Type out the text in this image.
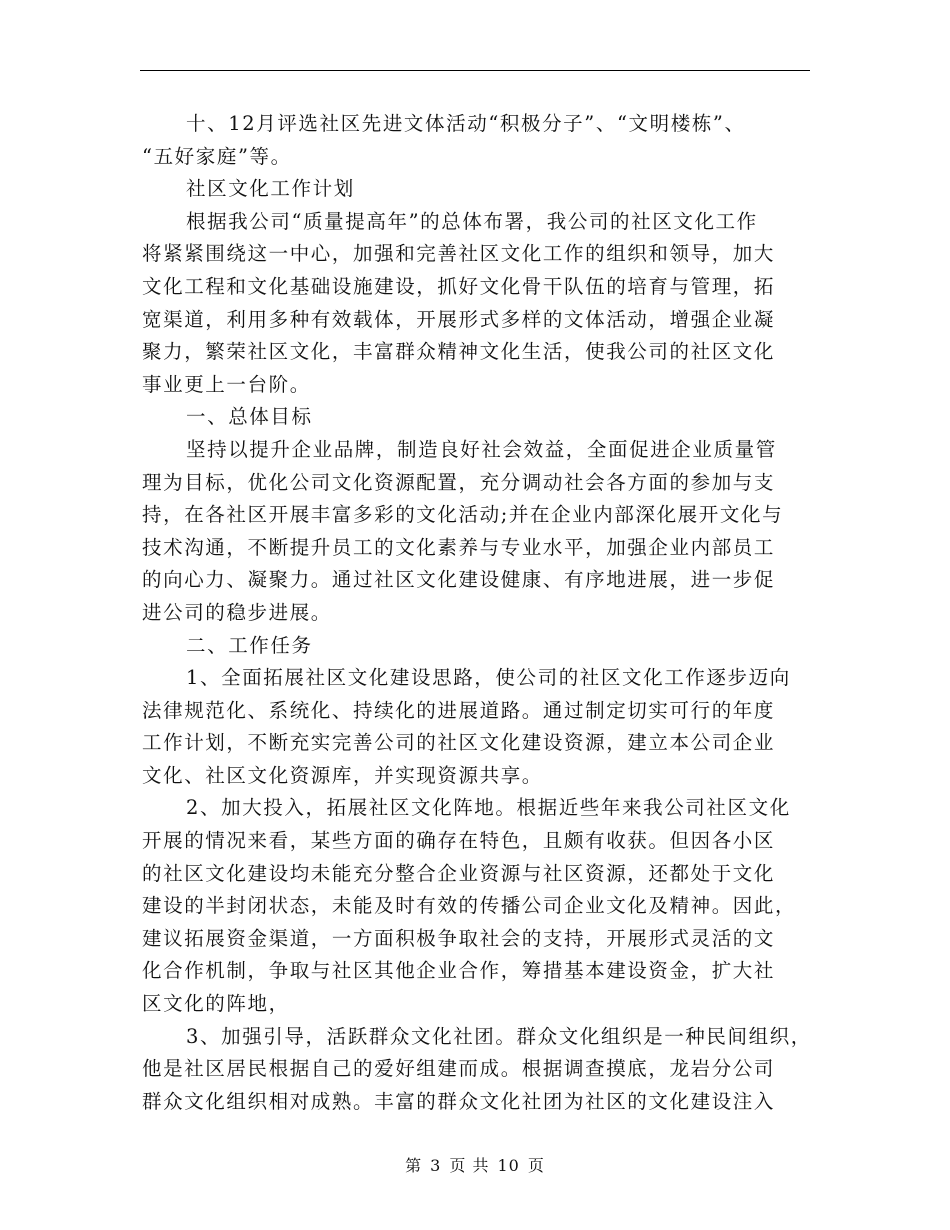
十、12月评选社区先进文体活动“积极分子”、“文明楼栋”、
“五好家庭”等。
社区文化工作计划
根据我公司“质量提高年”的总体布署，我公司的社区文化工作
将紧紧围绕这一中心，加强和完善社区文化工作的组织和领导，加大
文化工程和文化基础设施建设，抓好文化骨干队伍的培育与管理，拓
宽渠道，利用多种有效载体，开展形式多样的文体活动，增强企业凝
聚力，繁荣社区文化，丰富群众精神文化生活，使我公司的社区文化
事业更上一台阶。
一、总体目标
坚持以提升企业品牌，制造良好社会效益，全面促进企业质量管
理为目标，优化公司文化资源配置，充分调动社会各方面的参加与支
持，在各社区开展丰富多彩的文化活动;并在企业内部深化展开文化与
技术沟通，不断提升员工的文化素养与专业水平，加强企业内部员工
的向心力、凝聚力。通过社区文化建设健康、有序地进展，进一步促
进公司的稳步进展。
二、工作任务
1、全面拓展社区文化建设思路，使公司的社区文化工作逐步迈向
法律规范化、系统化、持续化的进展道路。通过制定切实可行的年度
工作计划，不断充实完善公司的社区文化建设资源，建立本公司企业
文化、社区文化资源库，并实现资源共享。
2、加大投入，拓展社区文化阵地。根据近些年来我公司社区文化
开展的情况来看，某些方面的确存在特色，且颇有收获。但因各小区
的社区文化建设均未能充分整合企业资源与社区资源，还都处于文化
建设的半封闭状态，未能及时有效的传播公司企业文化及精神。因此，
建议拓展资金渠道，一方面积极争取社会的支持，开展形式灵活的文
化合作机制，争取与社区其他企业合作，筹措基本建设资金，扩大社
区文化的阵地，
3、加强引导，活跃群众文化社团。群众文化组织是一种民间组织，
他是社区居民根据自己的爱好组建而成。根据调查摸底，龙岩分公司
群众文化组织相对成熟。丰富的群众文化社团为社区的文化建设注入
第 3 页 共 10 页
